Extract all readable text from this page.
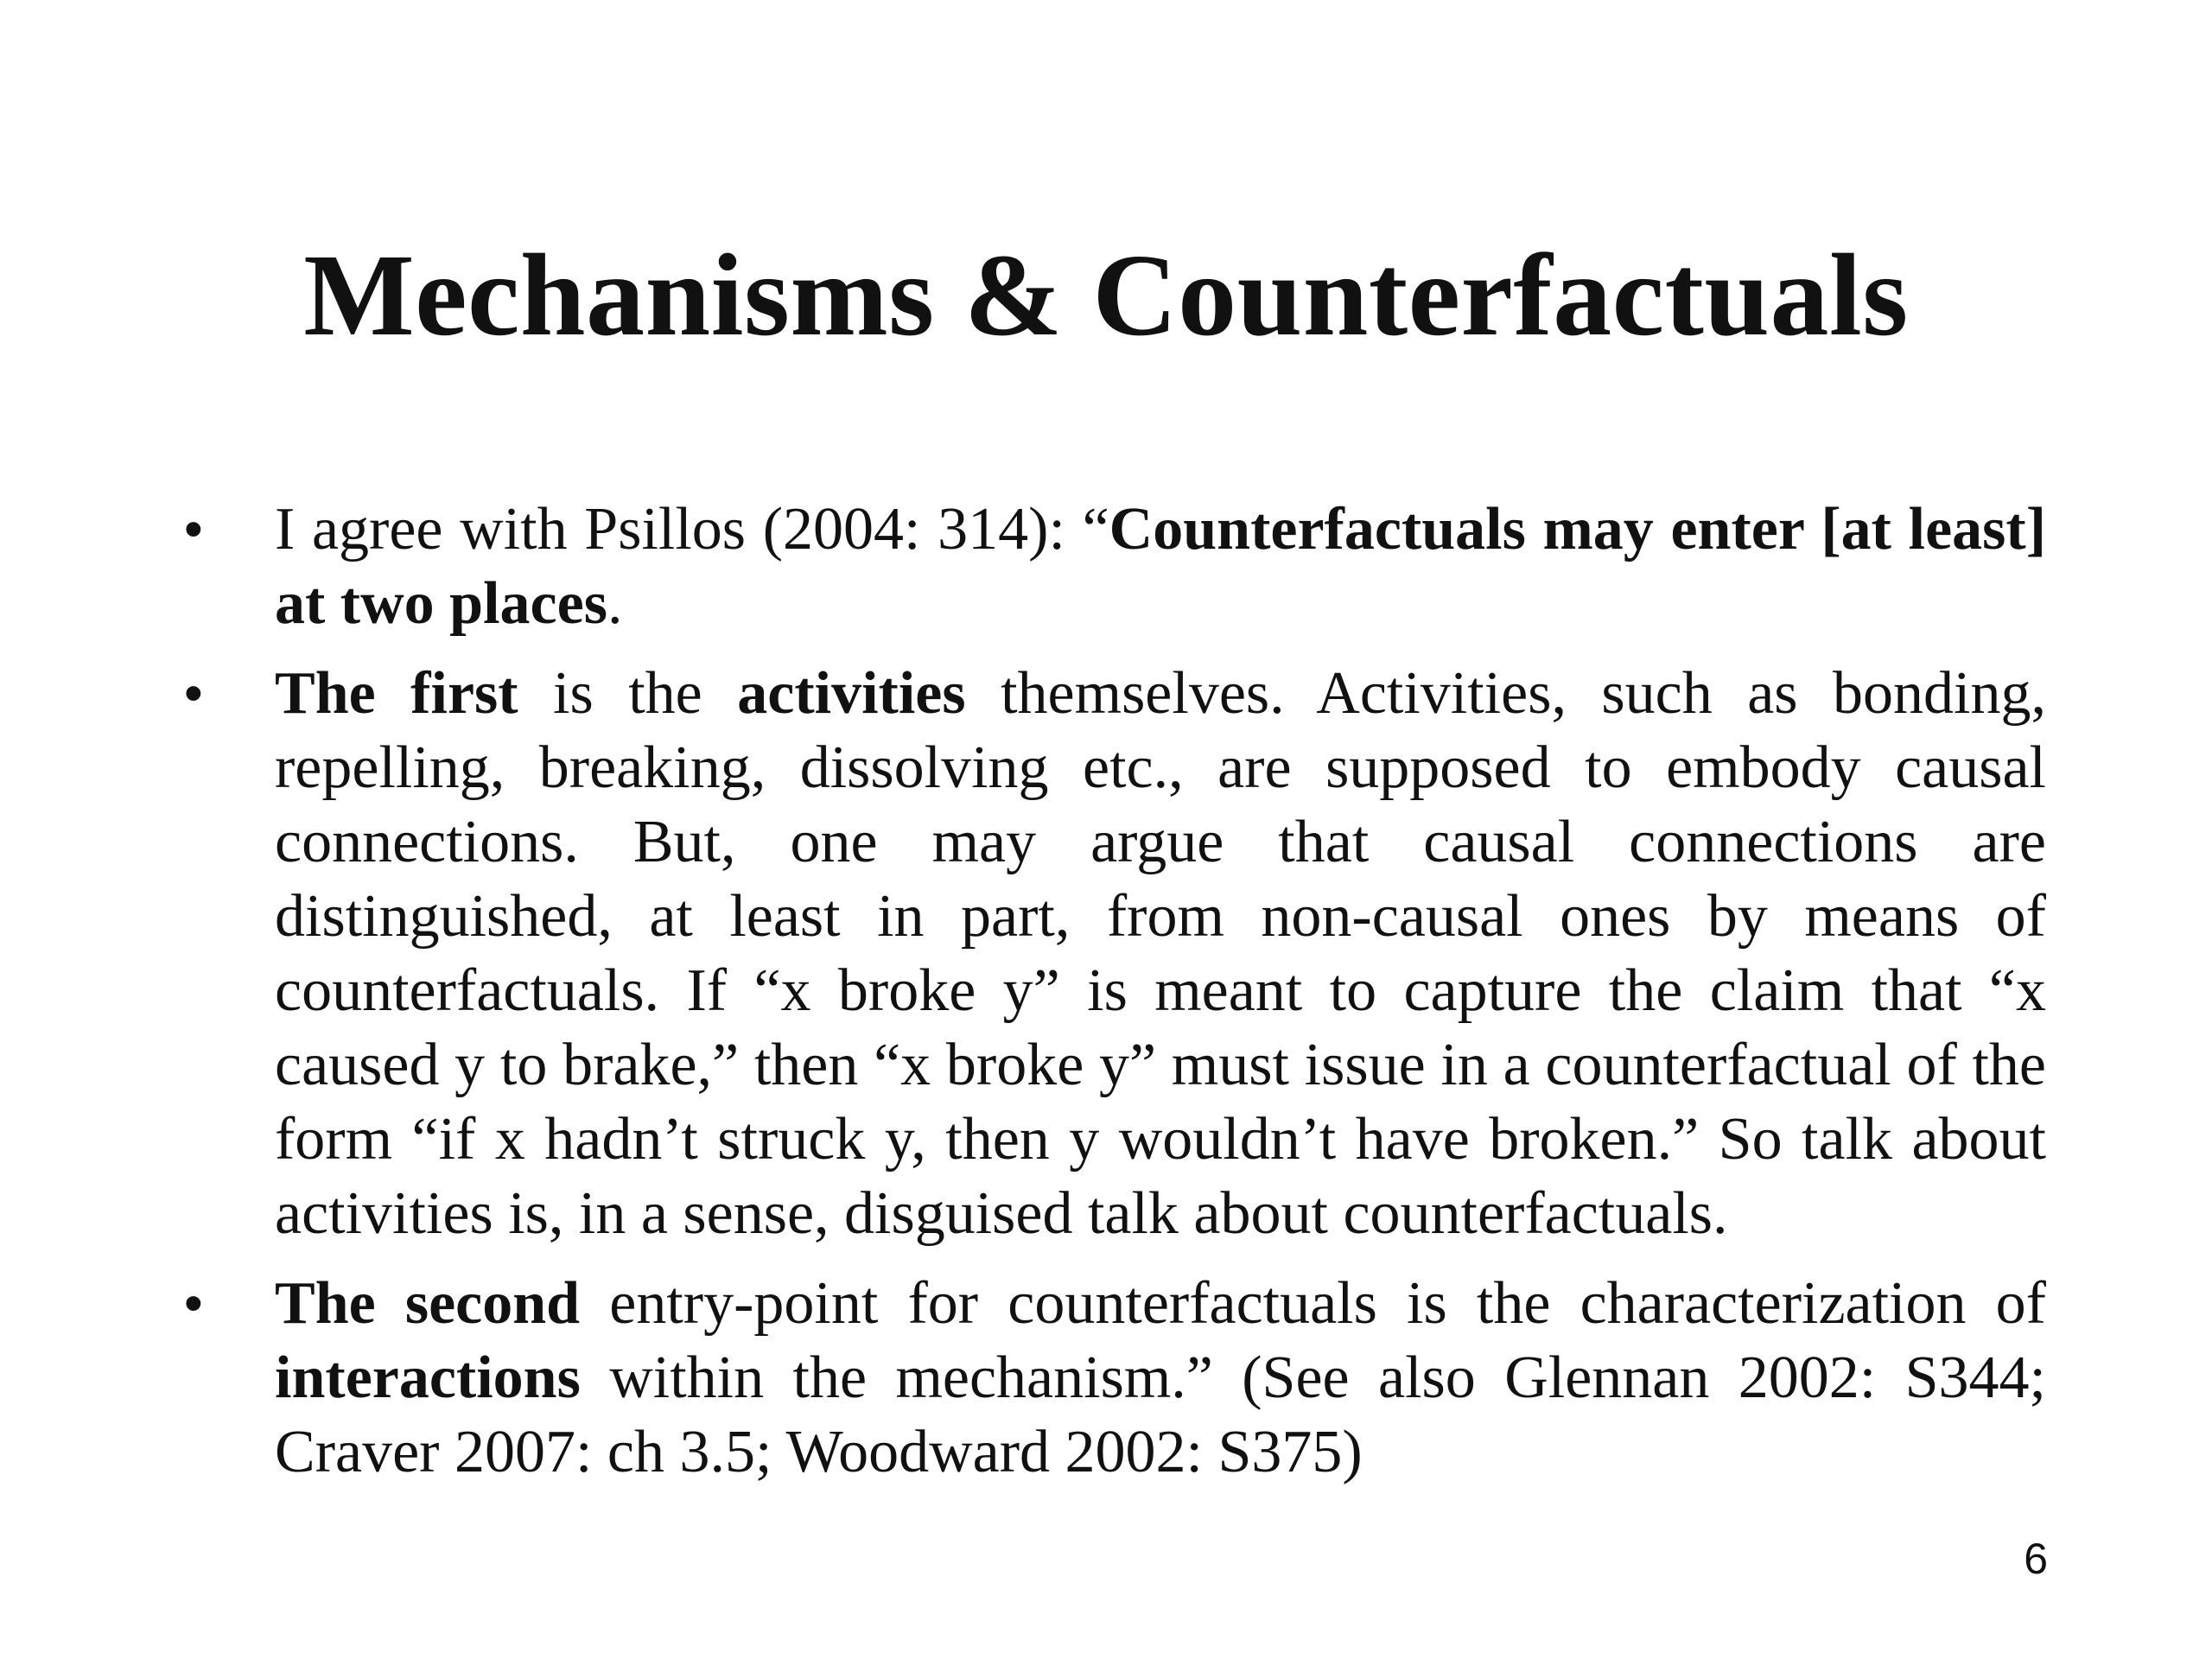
Mechanisms & Counterfactuals
• I agree with Psillos (2004: 314): “Counterfactuals may enter [at least] at two places.
• The first is the activities themselves. Activities, such as bonding, repelling, breaking, dissolving etc., are supposed to embody causal connections. But, one may argue that causal connections are distinguished, at least in part, from non-causal ones by means of counterfactuals. If “x broke y” is meant to capture the claim that “x caused y to brake,” then “x broke y” must issue in a counterfactual of the form “if x hadn’t struck y, then y wouldn’t have broken.” So talk about activities is, in a sense, disguised talk about counterfactuals.
• The second entry-point for counterfactuals is the characterization of interactions within the mechanism.” (See also Glennan 2002: S344; Craver 2007: ch 3.5; Woodward 2002: S375)
6
